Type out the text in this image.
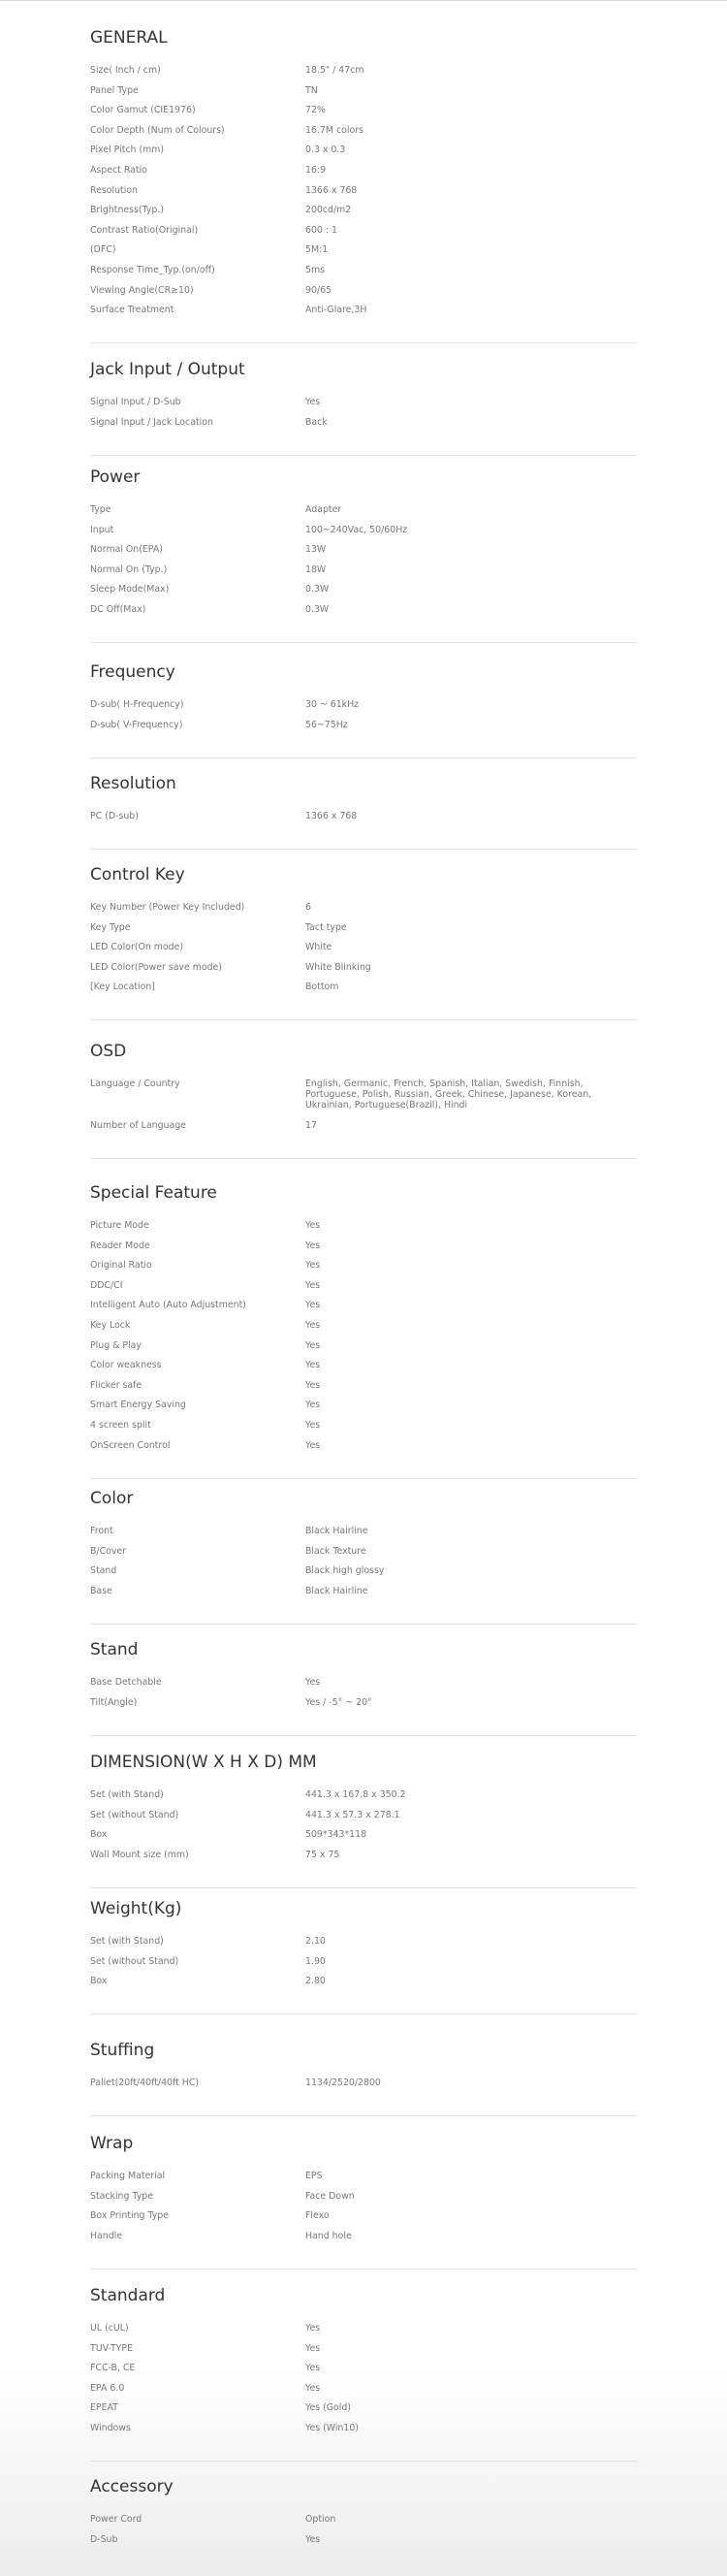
GENERAL
Size( Inch / cm)	18.5" / 47cm
Panel Type	TN
Color Gamut (CIE1976)	72%
Color Depth (Num of Colours)	16.7M colors
Pixel Pitch (mm)	0.3 x 0.3
Aspect Ratio	16:9
Resolution	1366 x 768
Brightness(Typ.)	200cd/m2
Contrast Ratio(Original)	600 : 1
(DFC)	5M:1
Response Time_Typ.(on/off)	5ms
Viewing Angle(CR≥10)	90/65
Surface Treatment	Anti-Glare,3H
Jack Input / Output
Signal Input / D-Sub	Yes
Signal Input / Jack Location	Back
Power
Type	Adapter
Input	100~240Vac, 50/60Hz
Normal On(EPA)	13W
Normal On (Typ.)	18W
Sleep Mode(Max)	0.3W
DC Off(Max)	0.3W
Frequency
D-sub( H-Frequency)	30 ~ 61kHz
D-sub( V-Frequency)	56~75Hz
Resolution
PC (D-sub)	1366 x 768
Control Key
Key Number (Power Key Included)	6
Key Type	Tact type
LED Color(On mode)	White
LED Color(Power save mode)	White Blinking
[Key Location]	Bottom
OSD
Language / Country	English, Germanic, French, Spanish, Italian, Swedish, Finnish, Portuguese, Polish, Russian, Greek, Chinese, Japanese, Korean, Ukrainian, Portuguese(Brazil), Hindi
Number of Language	17
Special Feature
Picture Mode	Yes
Reader Mode	Yes
Original Ratio	Yes
DDC/CI	Yes
Intelligent Auto (Auto Adjustment)	Yes
Key Lock	Yes
Plug & Play	Yes
Color weakness	Yes
Flicker safe	Yes
Smart Energy Saving	Yes
4 screen split	Yes
OnScreen Control	Yes
Color
Front	Black Hairline
B/Cover	Black Texture
Stand	Black high glossy
Base	Black Hairline
Stand
Base Detchable	Yes
Tilt(Angle)	Yes / -5° ~ 20°
DIMENSION(W X H X D) MM
Set (with Stand)	441.3 x 167.8 x 350.2
Set (without Stand)	441.3 x 57.3 x 278.1
Box	509*343*118
Wall Mount size (mm)	75 x 75
Weight(Kg)
Set (with Stand)	2.10
Set (without Stand)	1.90
Box	2.80
Stuffing
Pallet(20ft/40ft/40ft HC)	1134/2520/2800
Wrap
Packing Material	EPS
Stacking Type	Face Down
Box Printing Type	Flexo
Handle	Hand hole
Standard
UL (cUL)	Yes
TUV-TYPE	Yes
FCC-B, CE	Yes
EPA 6.0	Yes
EPEAT	Yes (Gold)
Windows	Yes (Win10)
Accessory
Power Cord	Option
D-Sub	Yes
